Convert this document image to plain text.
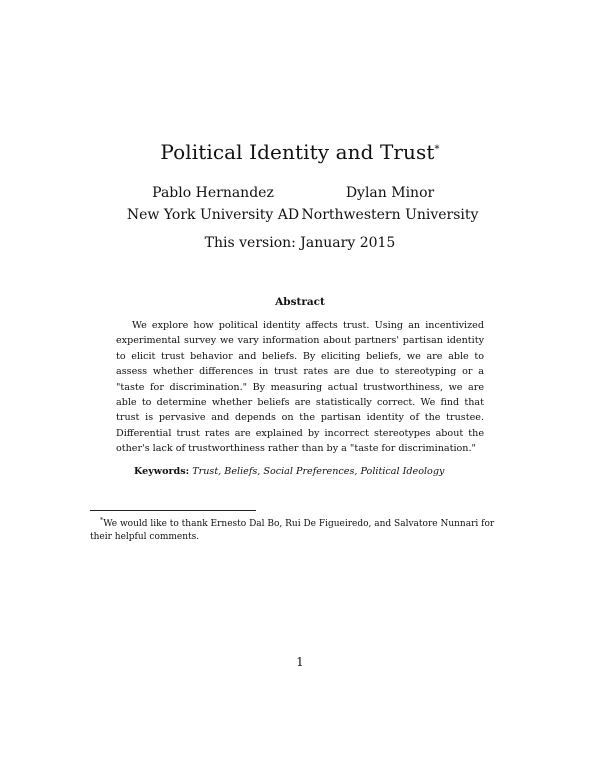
Political Identity and Trust*
Pablo Hernandez
New York University AD
Dylan Minor
Northwestern University
This version: January 2015
Abstract
We explore how political identity affects trust. Using an incentivized experimental survey we vary information about partners' partisan identity to elicit trust behavior and beliefs. By eliciting beliefs, we are able to assess whether differences in trust rates are due to stereotyping or a "taste for discrimination." By measuring actual trustworthiness, we are able to determine whether beliefs are statistically correct. We find that trust is pervasive and depends on the partisan identity of the trustee. Differential trust rates are explained by incorrect stereotypes about the other's lack of trustworthiness rather than by a "taste for discrimination."
Keywords: Trust, Beliefs, Social Preferences, Political Ideology
*We would like to thank Ernesto Dal Bo, Rui De Figueiredo, and Salvatore Nunnari for their helpful comments.
1
